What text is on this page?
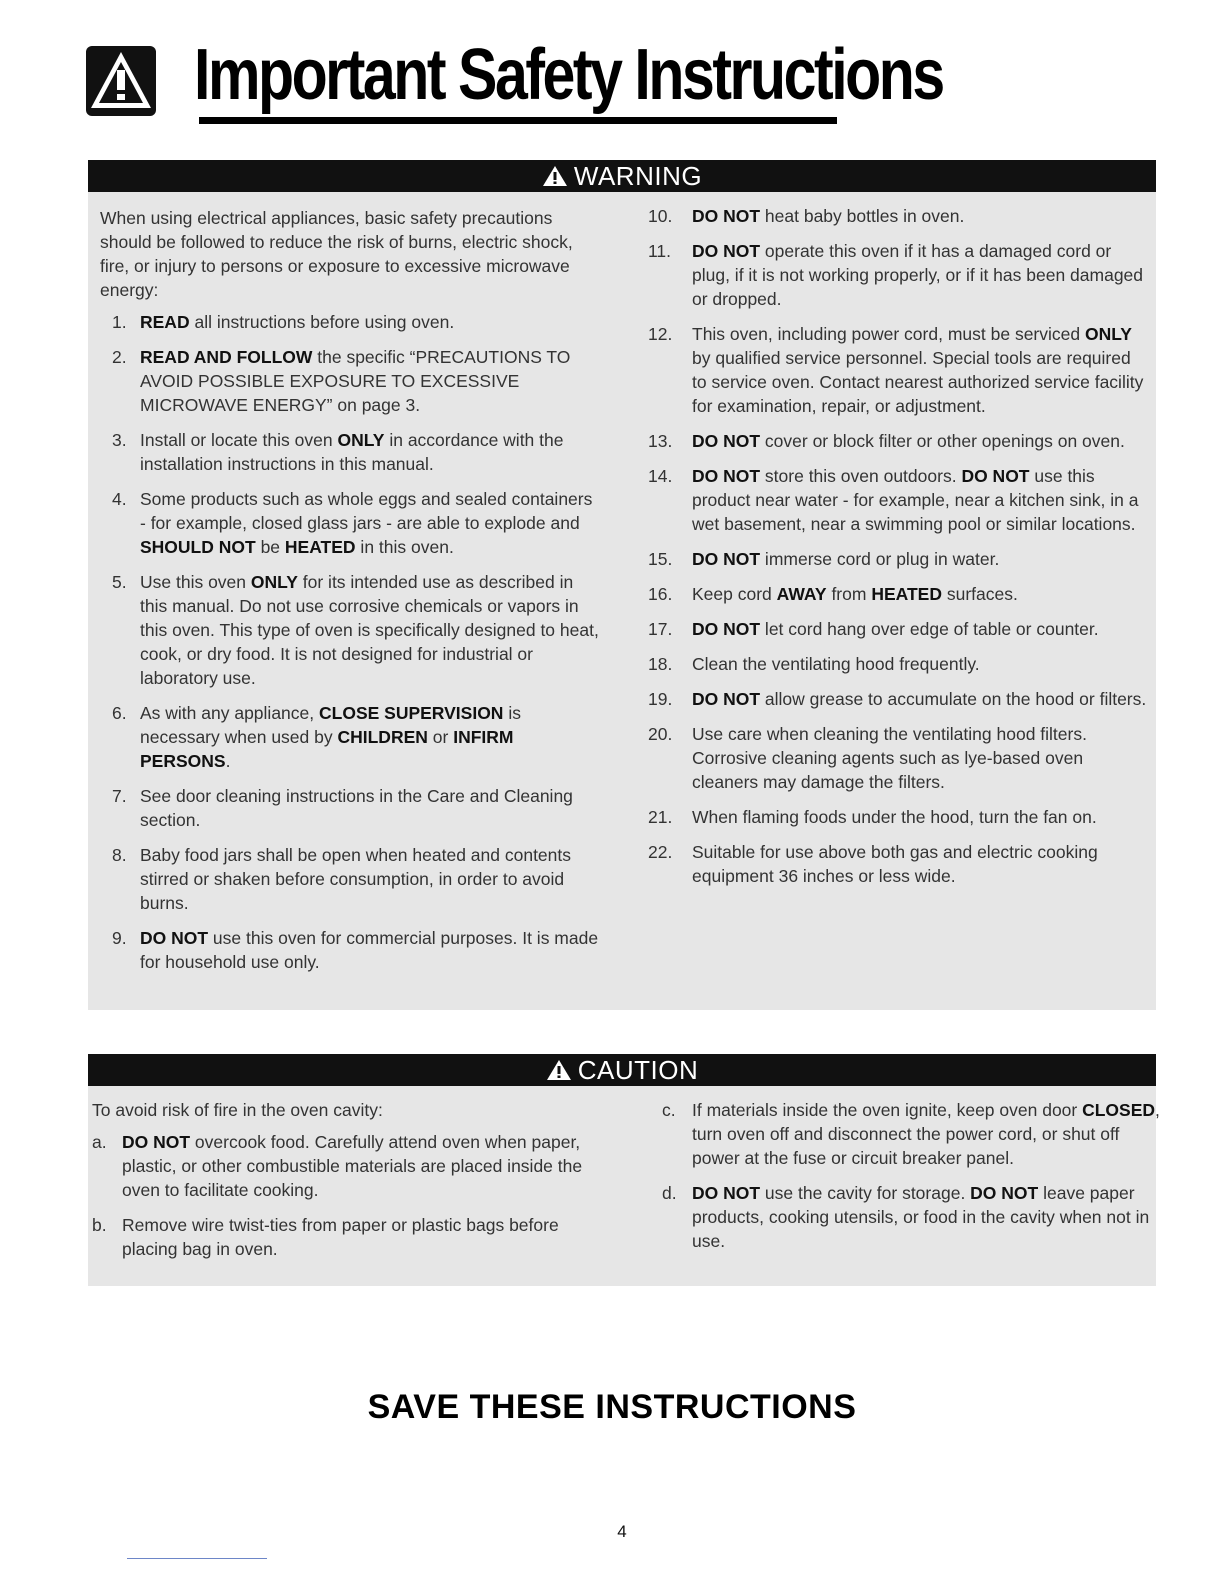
Important Safety Instructions
WARNING

When using electrical appliances, basic safety precautions should be followed to reduce the risk of burns, electric shock, fire, or injury to persons or exposure to excessive microwave energy:

1. READ all instructions before using oven.
2. READ AND FOLLOW the specific “PRECAUTIONS TO AVOID POSSIBLE EXPOSURE TO EXCESSIVE MICROWAVE ENERGY” on page 3.
3. Install or locate this oven ONLY in accordance with the installation instructions in this manual.
4. Some products such as whole eggs and sealed containers - for example, closed glass jars - are able to explode and SHOULD NOT be HEATED in this oven.
5. Use this oven ONLY for its intended use as described in this manual. Do not use corrosive chemicals or vapors in this oven. This type of oven is specifically designed to heat, cook, or dry food. It is not designed for industrial or laboratory use.
6. As with any appliance, CLOSE SUPERVISION is necessary when used by CHILDREN or INFIRM PERSONS.
7. See door cleaning instructions in the Care and Cleaning section.
8. Baby food jars shall be open when heated and contents stirred or shaken before consumption, in order to avoid burns.
9. DO NOT use this oven for commercial purposes. It is made for household use only.
10. DO NOT heat baby bottles in oven.
11. DO NOT operate this oven if it has a damaged cord or plug, if it is not working properly, or if it has been damaged or dropped.
12. This oven, including power cord, must be serviced ONLY by qualified service personnel. Special tools are required to service oven. Contact nearest authorized service facility for examination, repair, or adjustment.
13. DO NOT cover or block filter or other openings on oven.
14. DO NOT store this oven outdoors. DO NOT use this product near water - for example, near a kitchen sink, in a wet basement, near a swimming pool or similar locations.
15. DO NOT immerse cord or plug in water.
16. Keep cord AWAY from HEATED surfaces.
17. DO NOT let cord hang over edge of table or counter.
18. Clean the ventilating hood frequently.
19. DO NOT allow grease to accumulate on the hood or filters.
20. Use care when cleaning the ventilating hood filters. Corrosive cleaning agents such as lye-based oven cleaners may damage the filters.
21. When flaming foods under the hood, turn the fan on.
22. Suitable for use above both gas and electric cooking equipment 36 inches or less wide.
CAUTION

To avoid risk of fire in the oven cavity:

a. DO NOT overcook food. Carefully attend oven when paper, plastic, or other combustible materials are placed inside the oven to facilitate cooking.
b. Remove wire twist-ties from paper or plastic bags before placing bag in oven.
c. If materials inside the oven ignite, keep oven door CLOSED, turn oven off and disconnect the power cord, or shut off power at the fuse or circuit breaker panel.
d. DO NOT use the cavity for storage. DO NOT leave paper products, cooking utensils, or food in the cavity when not in use.
SAVE THESE INSTRUCTIONS
4
